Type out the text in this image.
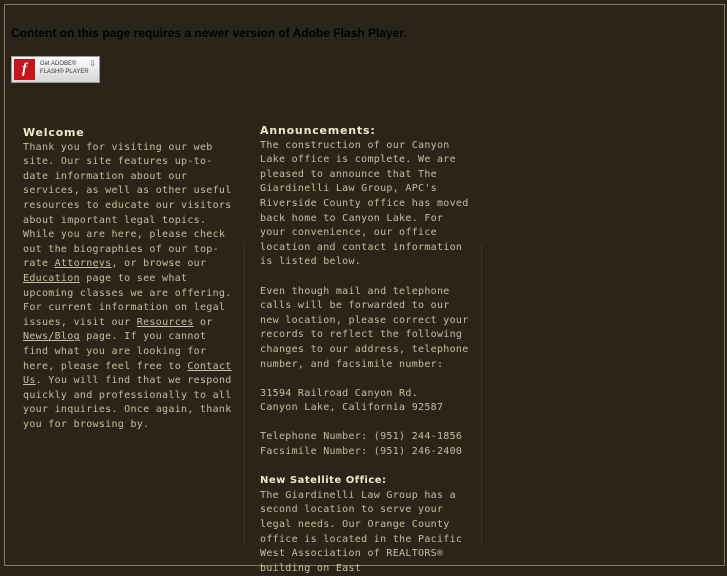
Content on this page requires a newer version of Adobe Flash Player.
f	Get ADOBE®
FLASH® PLAYER
⇩
Welcome

Thank you for visiting our web site. Our site features up-to-date information about our services, as well as other useful resources to educate our visitors about important legal topics. While you are here, please check out the biographies of our top-rate Attorneys, or browse our Education page to see what upcoming classes we are offering. For current information on legal issues, visit our Resources or News/Blog page. If you cannot find what you are looking for here, please feel free to Contact Us. You will find that we respond quickly and professionally to all your inquiries. Once again, thank you for browsing by.

Announcements:

The construction of our Canyon Lake office is complete. We are pleased to announce that The Giardinelli Law Group, APC's Riverside County office has moved back home to Canyon Lake. For your convenience, our office location and contact information is listed below.

Even though mail and telephone calls will be forwarded to our new location, please correct your records to reflect the following changes to our address, telephone number, and facsimile number:

31594 Railroad Canyon Rd.

Canyon Lake, California 92587

Telephone Number: (951) 244-1856

Facsimile Number: (951) 246-2400

New Satellite Office:

The Giardinelli Law Group has a second location to serve your legal needs. Our Orange County office is located in the Pacific West Association of REALTORS® building on East
